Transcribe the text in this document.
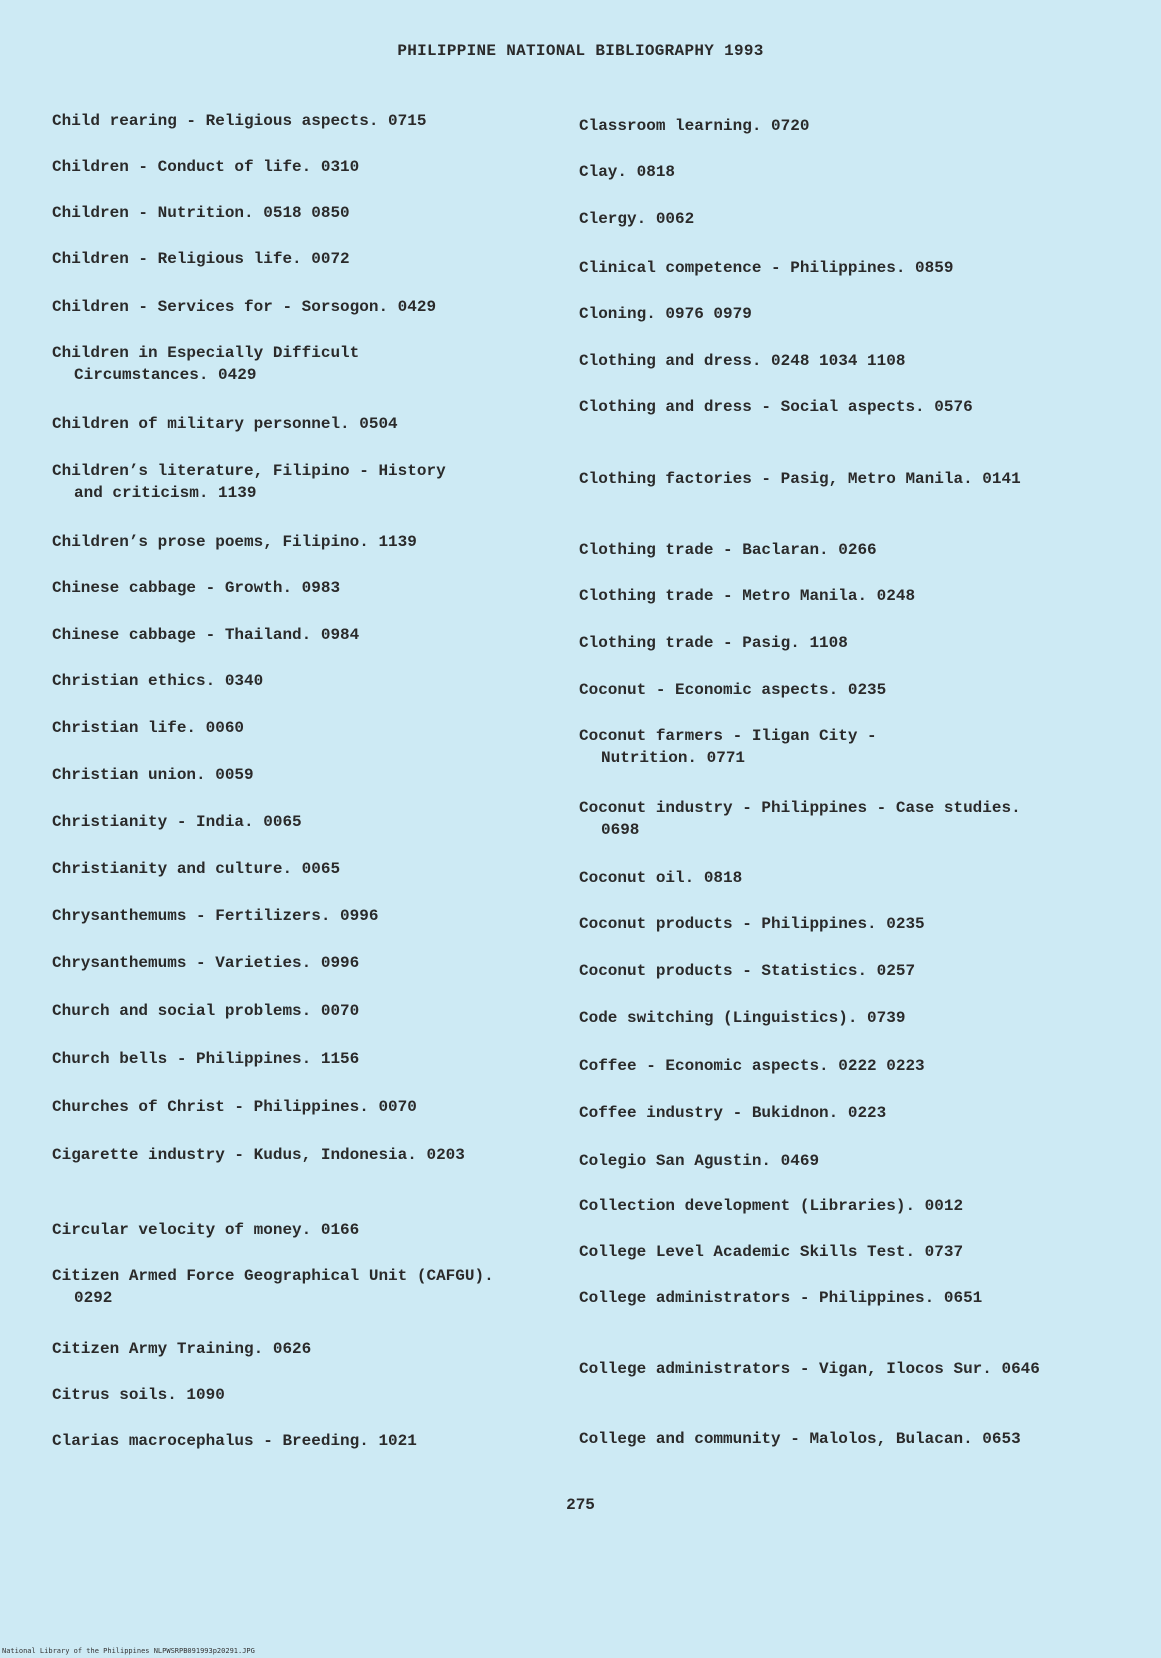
PHILIPPINE NATIONAL BIBLIOGRAPHY 1993
Child rearing - Religious aspects. 0715
Children - Conduct of life. 0310
Children - Nutrition. 0518 0850
Children - Religious life. 0072
Children - Services for - Sorsogon. 0429
Children in Especially Difficult Circumstances. 0429
Children of military personnel. 0504
Children’s literature, Filipino - History and criticism. 1139
Children’s prose poems, Filipino. 1139
Chinese cabbage - Growth. 0983
Chinese cabbage - Thailand. 0984
Christian ethics. 0340
Christian life. 0060
Christian union. 0059
Christianity - India. 0065
Christianity and culture. 0065
Chrysanthemums - Fertilizers. 0996
Chrysanthemums - Varieties. 0996
Church and social problems. 0070
Church bells - Philippines. 1156
Churches of Christ - Philippines. 0070
Cigarette industry - Kudus, Indonesia. 0203
Circular velocity of money. 0166
Citizen Armed Force Geographical Unit (CAFGU). 0292
Citizen Army Training. 0626
Citrus soils. 1090
Clarias macrocephalus - Breeding. 1021
Classroom learning. 0720
Clay. 0818
Clergy. 0062
Clinical competence - Philippines. 0859
Cloning. 0976 0979
Clothing and dress. 0248 1034 1108
Clothing and dress - Social aspects. 0576
Clothing factories - Pasig, Metro Manila. 0141
Clothing trade - Baclaran. 0266
Clothing trade - Metro Manila. 0248
Clothing trade - Pasig. 1108
Coconut - Economic aspects. 0235
Coconut farmers - Iligan City - Nutrition. 0771
Coconut industry - Philippines - Case studies. 0698
Coconut oil. 0818
Coconut products - Philippines. 0235
Coconut products - Statistics. 0257
Code switching (Linguistics). 0739
Coffee - Economic aspects. 0222 0223
Coffee industry - Bukidnon. 0223
Colegio San Agustin. 0469
Collection development (Libraries). 0012
College Level Academic Skills Test. 0737
College administrators - Philippines. 0651
College administrators - Vigan, Ilocos Sur. 0646
College and community - Malolos, Bulacan. 0653
275
National Library of the Philippines NLPWSRPB091993p20291.JPG
